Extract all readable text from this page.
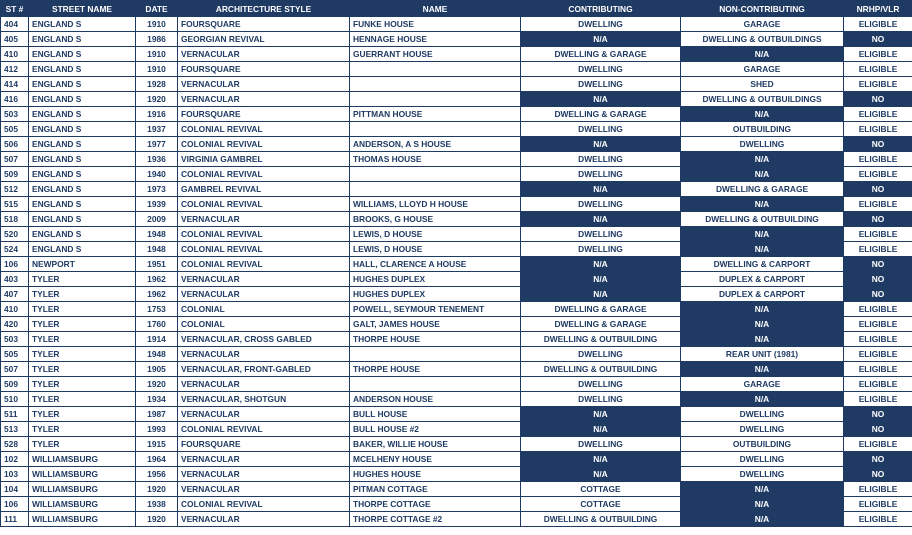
ST #	STREET NAME	DATE	ARCHITECTURE STYLE	NAME	CONTRIBUTING	NON-CONTRIBUTING	NRHP/VLR
404	ENGLAND S	1910	FOURSQUARE	FUNKE HOUSE	DWELLING	GARAGE	ELIGIBLE
405	ENGLAND S	1986	GEORGIAN REVIVAL	HENNAGE HOUSE	N/A	DWELLING & OUTBUILDINGS	NO
410	ENGLAND S	1910	VERNACULAR	GUERRANT HOUSE	DWELLING & GARAGE	N/A	ELIGIBLE
412	ENGLAND S	1910	FOURSQUARE		DWELLING	GARAGE	ELIGIBLE
414	ENGLAND S	1928	VERNACULAR		DWELLING	SHED	ELIGIBLE
416	ENGLAND S	1920	VERNACULAR		N/A	DWELLING & OUTBUILDINGS	NO
503	ENGLAND S	1916	FOURSQUARE	PITTMAN HOUSE	DWELLING & GARAGE	N/A	ELIGIBLE
505	ENGLAND S	1937	COLONIAL REVIVAL		DWELLING	OUTBUILDING	ELIGIBLE
506	ENGLAND S	1977	COLONIAL REVIVAL	ANDERSON, A S HOUSE	N/A	DWELLING	NO
507	ENGLAND S	1936	VIRGINIA GAMBREL	THOMAS HOUSE	DWELLING	N/A	ELIGIBLE
509	ENGLAND S	1940	COLONIAL REVIVAL		DWELLING	N/A	ELIGIBLE
512	ENGLAND S	1973	GAMBREL REVIVAL		N/A	DWELLING & GARAGE	NO
515	ENGLAND S	1939	COLONIAL REVIVAL	WILLIAMS, LLOYD H HOUSE	DWELLING	N/A	ELIGIBLE
518	ENGLAND S	2009	VERNACULAR	BROOKS, G HOUSE	N/A	DWELLING & OUTBUILDING	NO
520	ENGLAND S	1948	COLONIAL REVIVAL	LEWIS, D HOUSE	DWELLING	N/A	ELIGIBLE
524	ENGLAND S	1948	COLONIAL REVIVAL	LEWIS, D HOUSE	DWELLING	N/A	ELIGIBLE
106	NEWPORT	1951	COLONIAL REVIVAL	HALL, CLARENCE A HOUSE	N/A	DWELLING & CARPORT	NO
403	TYLER	1962	VERNACULAR	HUGHES DUPLEX	N/A	DUPLEX & CARPORT	NO
407	TYLER	1962	VERNACULAR	HUGHES DUPLEX	N/A	DUPLEX & CARPORT	NO
410	TYLER	1753	COLONIAL	POWELL, SEYMOUR TENEMENT	DWELLING & GARAGE	N/A	ELIGIBLE
420	TYLER	1760	COLONIAL	GALT, JAMES HOUSE	DWELLING & GARAGE	N/A	ELIGIBLE
503	TYLER	1914	VERNACULAR, CROSS GABLED	THORPE HOUSE	DWELLING & OUTBUILDING	N/A	ELIGIBLE
505	TYLER	1948	VERNACULAR		DWELLING	REAR UNIT (1981)	ELIGIBLE
507	TYLER	1905	VERNACULAR, FRONT-GABLED	THORPE HOUSE	DWELLING & OUTBUILDING	N/A	ELIGIBLE
509	TYLER	1920	VERNACULAR		DWELLING	GARAGE	ELIGIBLE
510	TYLER	1934	VERNACULAR, SHOTGUN	ANDERSON HOUSE	DWELLING	N/A	ELIGIBLE
511	TYLER	1987	VERNACULAR	BULL HOUSE	N/A	DWELLING	NO
513	TYLER	1993	COLONIAL REVIVAL	BULL HOUSE #2	N/A	DWELLING	NO
528	TYLER	1915	FOURSQUARE	BAKER, WILLIE HOUSE	DWELLING	OUTBUILDING	ELIGIBLE
102	WILLIAMSBURG	1964	VERNACULAR	MCELHENY HOUSE	N/A	DWELLING	NO
103	WILLIAMSBURG	1956	VERNACULAR	HUGHES HOUSE	N/A	DWELLING	NO
104	WILLIAMSBURG	1920	VERNACULAR	PITMAN COTTAGE	COTTAGE	N/A	ELIGIBLE
106	WILLIAMSBURG	1938	COLONIAL REVIVAL	THORPE COTTAGE	COTTAGE	N/A	ELIGIBLE
111	WILLIAMSBURG	1920	VERNACULAR	THORPE COTTAGE #2	DWELLING & OUTBUILDING	N/A	ELIGIBLE
